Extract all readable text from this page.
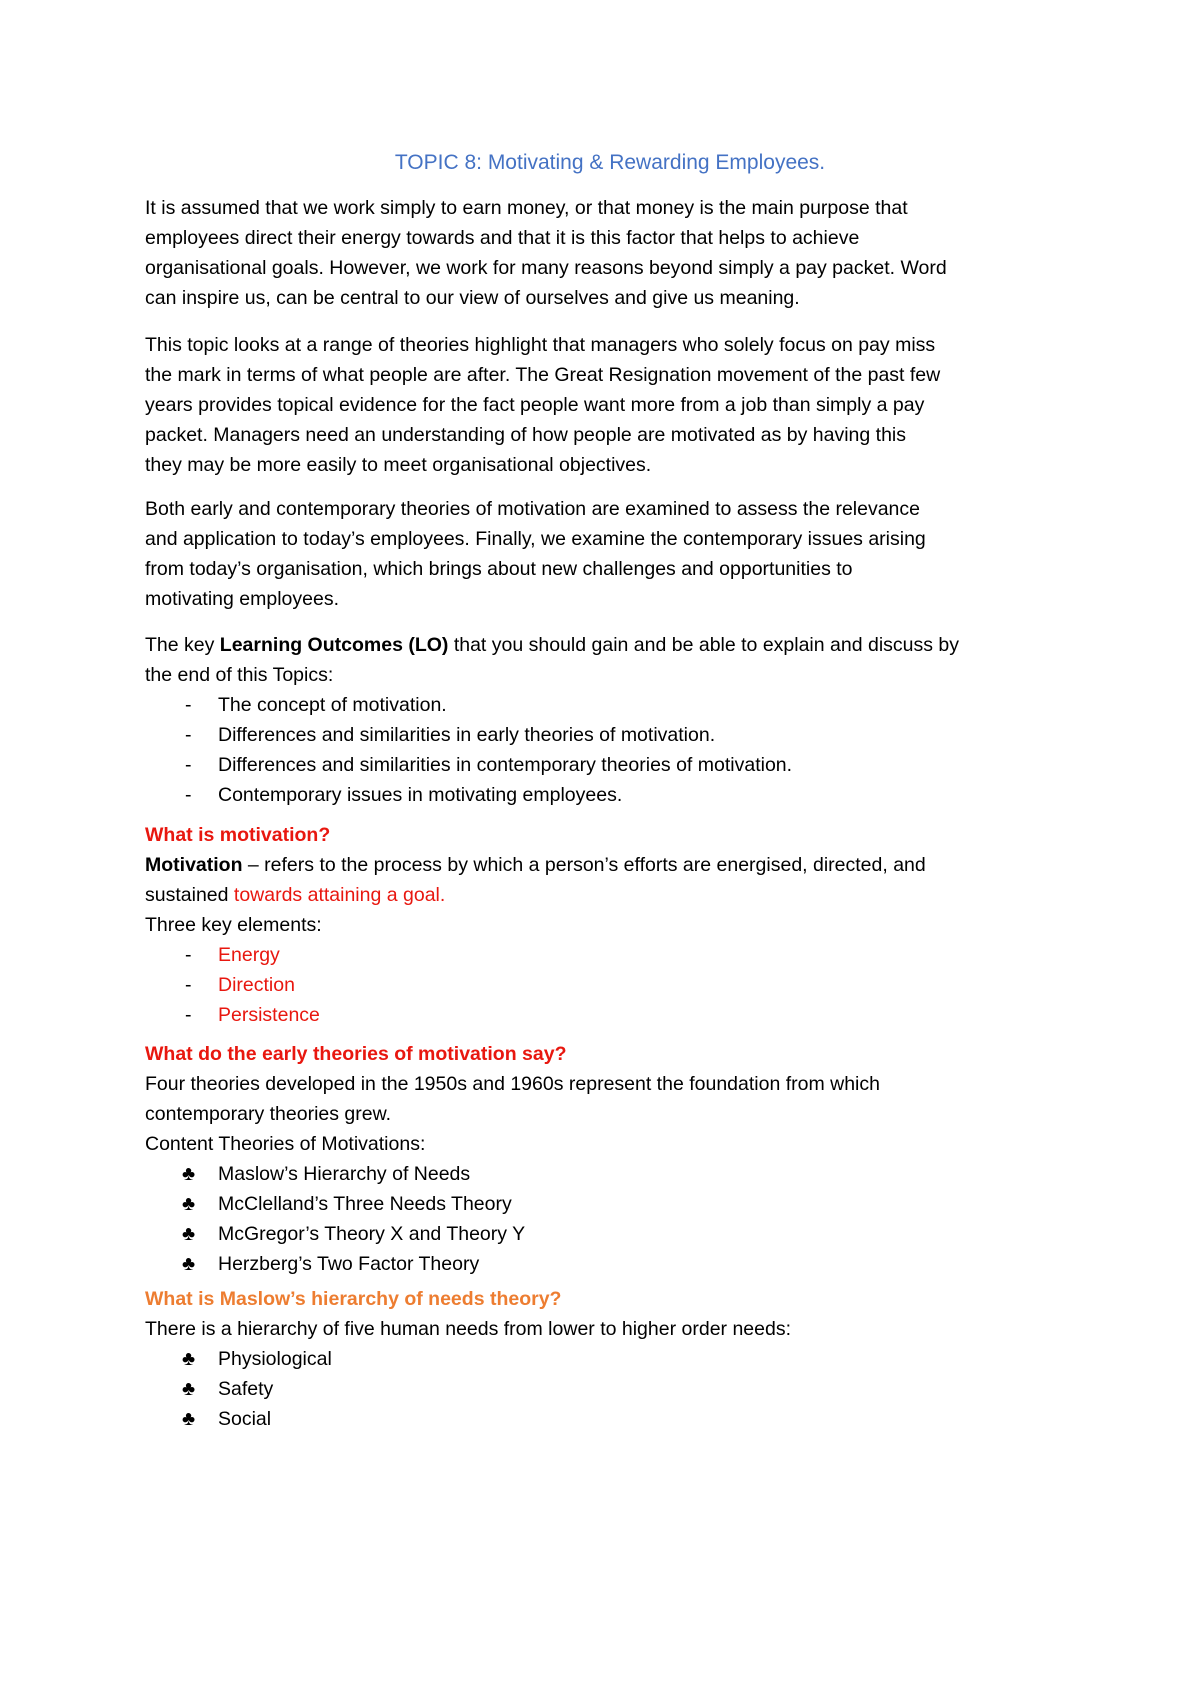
TOPIC 8: Motivating & Rewarding Employees.

It is assumed that we work simply to earn money, or that money is the main purpose that

employees direct their energy towards and that it is this factor that helps to achieve

organisational goals. However, we work for many reasons beyond simply a pay packet. Word

can inspire us, can be central to our view of ourselves and give us meaning.

This topic looks at a range of theories highlight that managers who solely focus on pay miss

the mark in terms of what people are after. The Great Resignation movement of the past few

years provides topical evidence for the fact people want more from a job than simply a pay

packet. Managers need an understanding of how people are motivated as by having this

they may be more easily to meet organisational objectives.

Both early and contemporary theories of motivation are examined to assess the relevance

and application to today’s employees. Finally, we examine the contemporary issues arising

from today’s organisation, which brings about new challenges and opportunities to

motivating employees.

The key Learning Outcomes (LO) that you should gain and be able to explain and discuss by

the end of this Topics:

- The concept of motivation.
- Differences and similarities in early theories of motivation.
- Differences and similarities in contemporary theories of motivation.
- Contemporary issues in motivating employees.

What is motivation?

Motivation – refers to the process by which a person’s efforts are energised, directed, and

sustained towards attaining a goal.

Three key elements:

- Energy
- Direction
- Persistence

What do the early theories of motivation say?

Four theories developed in the 1950s and 1960s represent the foundation from which

contemporary theories grew.

Content Theories of Motivations:

♣ Maslow’s Hierarchy of Needs
♣ McClelland’s Three Needs Theory
♣ McGregor’s Theory X and Theory Y
♣ Herzberg’s Two Factor Theory

What is Maslow’s hierarchy of needs theory?

There is a hierarchy of five human needs from lower to higher order needs:

♣ Physiological
♣ Safety
♣ Social
